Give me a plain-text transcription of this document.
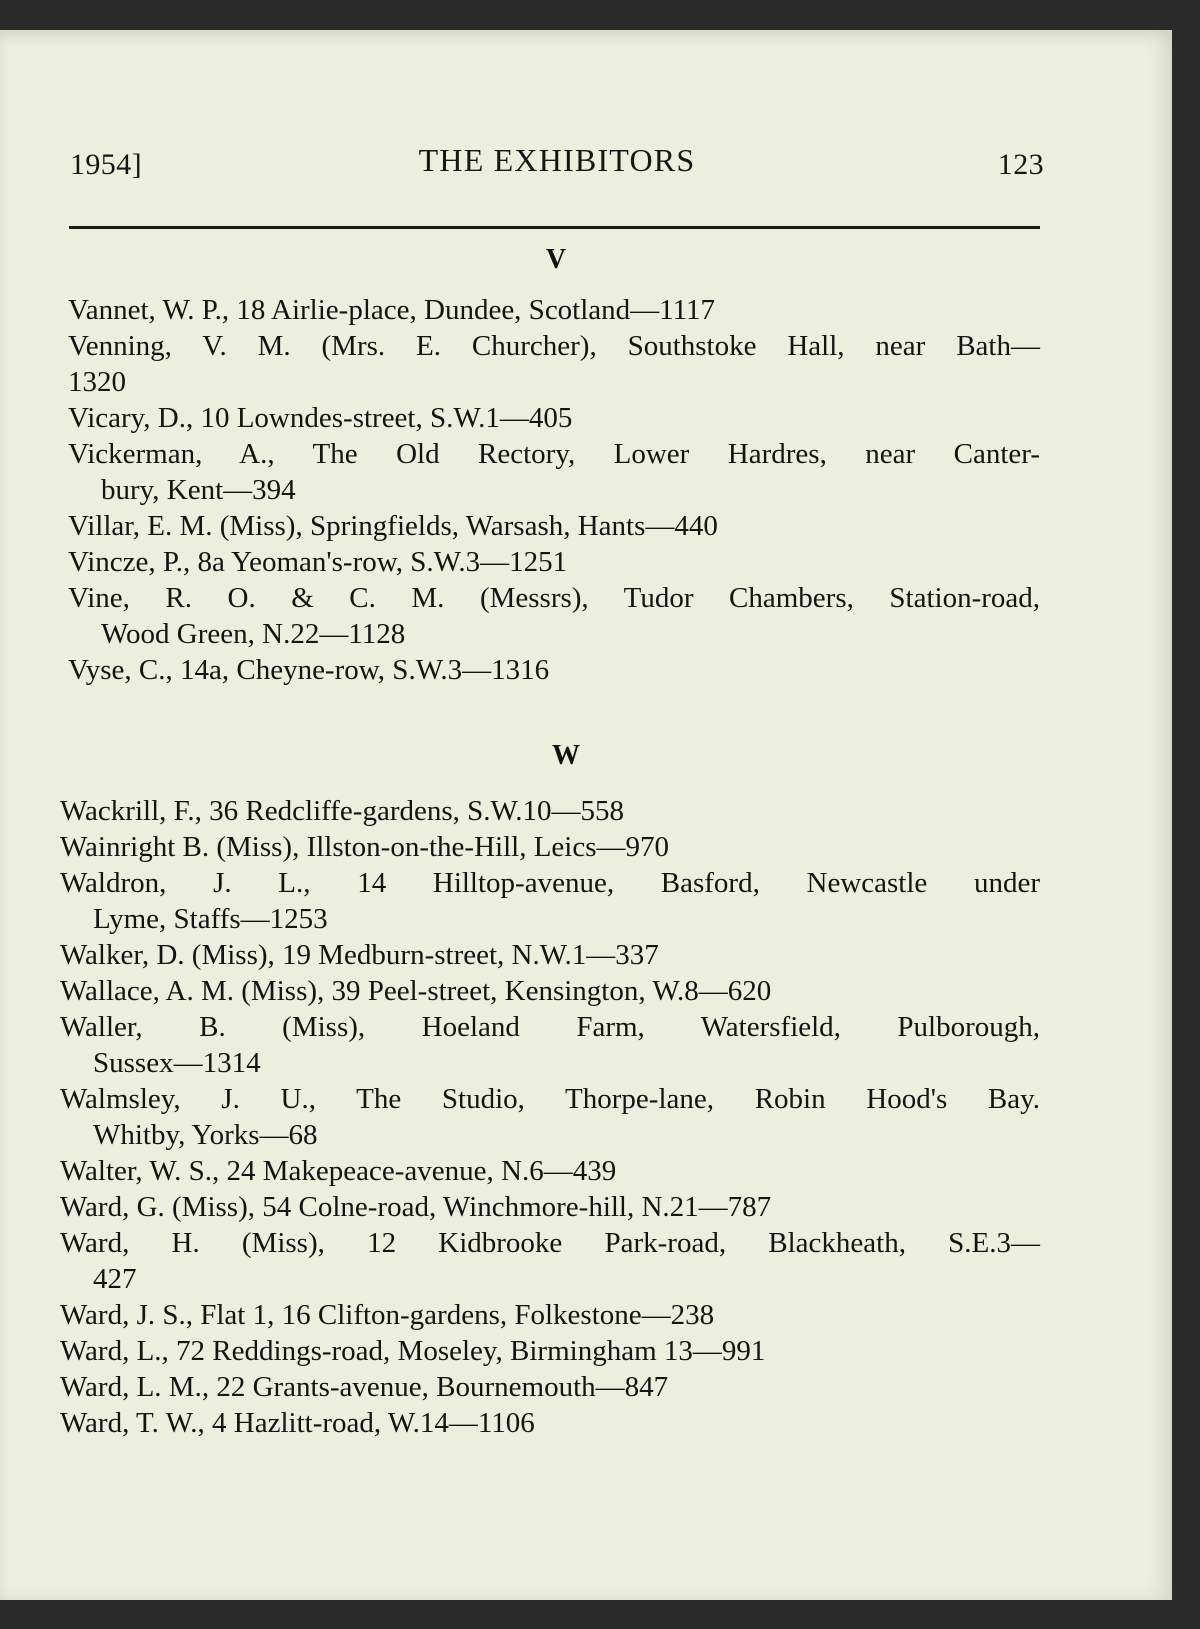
1954]	THE EXHIBITORS	123
V
Vannet, W. P., 18 Airlie-place, Dundee, Scotland—1117
Venning, V. M. (Mrs. E. Churcher), Southstoke Hall, near Bath—
1320
Vicary, D., 10 Lowndes-street, S.W.1—405
Vickerman, A., The Old Rectory, Lower Hardres, near Canter-
bury, Kent—394
Villar, E. M. (Miss), Springfields, Warsash, Hants—440
Vincze, P., 8a Yeoman's-row, S.W.3—1251
Vine, R. O. & C. M. (Messrs), Tudor Chambers, Station-road,
Wood Green, N.22—1128
Vyse, C., 14a, Cheyne-row, S.W.3—1316
W
Wackrill, F., 36 Redcliffe-gardens, S.W.10—558
Wainright B. (Miss), Illston-on-the-Hill, Leics—970
Waldron, J. L., 14 Hilltop-avenue, Basford, Newcastle under
Lyme, Staffs—1253
Walker, D. (Miss), 19 Medburn-street, N.W.1—337
Wallace, A. M. (Miss), 39 Peel-street, Kensington, W.8—620
Waller, B. (Miss), Hoeland Farm, Watersfield, Pulborough,
Sussex—1314
Walmsley, J. U., The Studio, Thorpe-lane, Robin Hood's Bay.
Whitby, Yorks—68
Walter, W. S., 24 Makepeace-avenue, N.6—439
Ward, G. (Miss), 54 Colne-road, Winchmore-hill, N.21—787
Ward, H. (Miss), 12 Kidbrooke Park-road, Blackheath, S.E.3—
427
Ward, J. S., Flat 1, 16 Clifton-gardens, Folkestone—238
Ward, L., 72 Reddings-road, Moseley, Birmingham 13—991
Ward, L. M., 22 Grants-avenue, Bournemouth—847
Ward, T. W., 4 Hazlitt-road, W.14—1106
